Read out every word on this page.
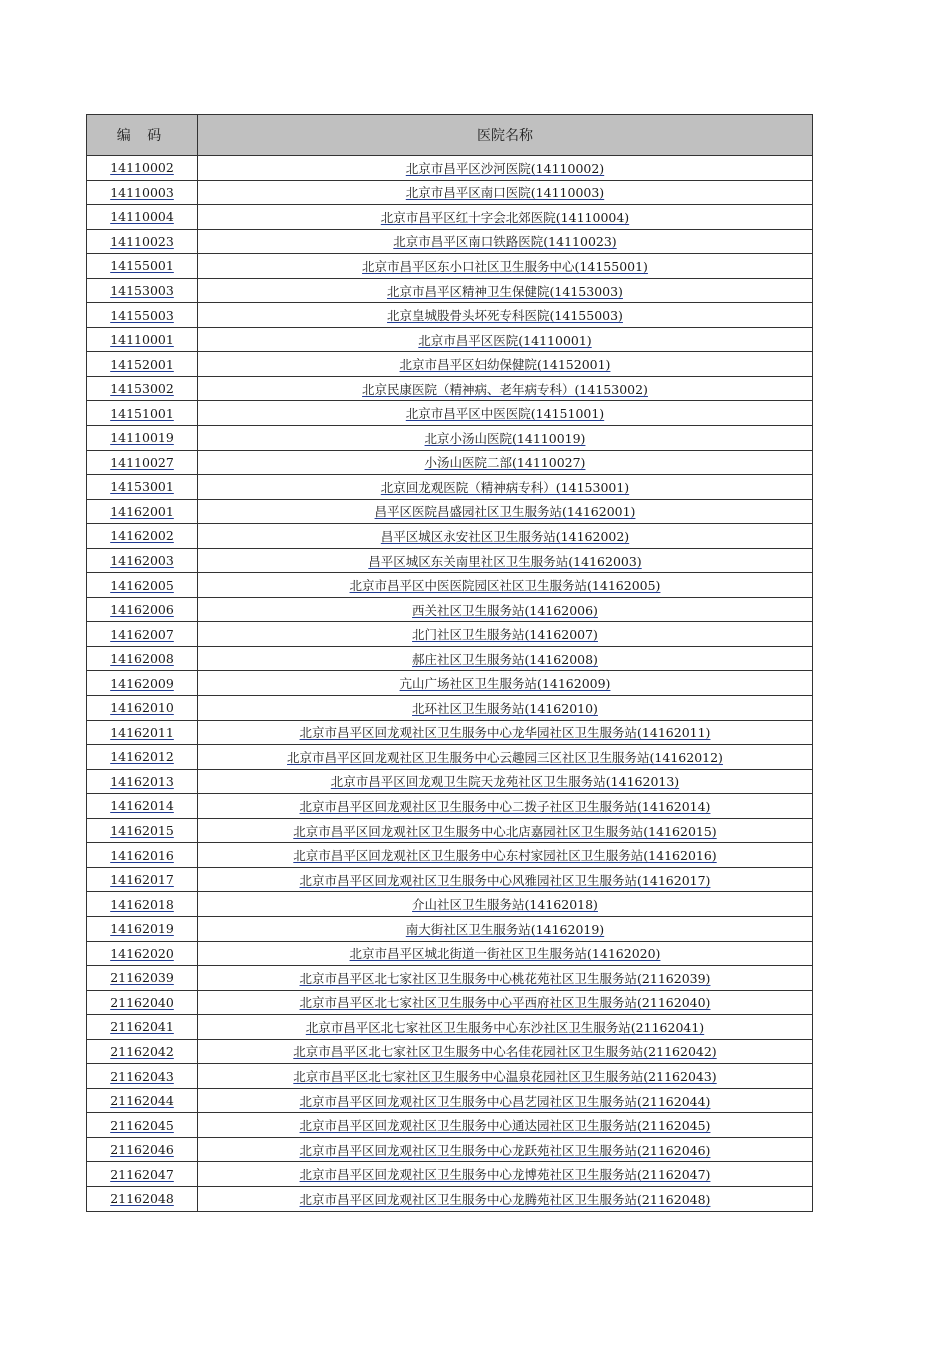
编 码	医院名称
14110002	北京市昌平区沙河医院(14110002)
14110003	北京市昌平区南口医院(14110003)
14110004	北京市昌平区红十字会北郊医院(14110004)
14110023	北京市昌平区南口铁路医院(14110023)
14155001	北京市昌平区东小口社区卫生服务中心(14155001)
14153003	北京市昌平区精神卫生保健院(14153003)
14155003	北京皇城股骨头坏死专科医院(14155003)
14110001	北京市昌平区医院(14110001)
14152001	北京市昌平区妇幼保健院(14152001)
14153002	北京民康医院（精神病、老年病专科）(14153002)
14151001	北京市昌平区中医医院(14151001)
14110019	北京小汤山医院(14110019)
14110027	小汤山医院二部(14110027)
14153001	北京回龙观医院（精神病专科）(14153001)
14162001	昌平区医院昌盛园社区卫生服务站(14162001)
14162002	昌平区城区永安社区卫生服务站(14162002)
14162003	昌平区城区东关南里社区卫生服务站(14162003)
14162005	北京市昌平区中医医院园区社区卫生服务站(14162005)
14162006	西关社区卫生服务站(14162006)
14162007	北门社区卫生服务站(14162007)
14162008	郝庄社区卫生服务站(14162008)
14162009	亢山广场社区卫生服务站(14162009)
14162010	北环社区卫生服务站(14162010)
14162011	北京市昌平区回龙观社区卫生服务中心龙华园社区卫生服务站(14162011)
14162012	北京市昌平区回龙观社区卫生服务中心云趣园三区社区卫生服务站(14162012)
14162013	北京市昌平区回龙观卫生院天龙苑社区卫生服务站(14162013)
14162014	北京市昌平区回龙观社区卫生服务中心二拨子社区卫生服务站(14162014)
14162015	北京市昌平区回龙观社区卫生服务中心北店嘉园社区卫生服务站(14162015)
14162016	北京市昌平区回龙观社区卫生服务中心东村家园社区卫生服务站(14162016)
14162017	北京市昌平区回龙观社区卫生服务中心风雅园社区卫生服务站(14162017)
14162018	介山社区卫生服务站(14162018)
14162019	南大街社区卫生服务站(14162019)
14162020	北京市昌平区城北街道一街社区卫生服务站(14162020)
21162039	北京市昌平区北七家社区卫生服务中心桃花苑社区卫生服务站(21162039)
21162040	北京市昌平区北七家社区卫生服务中心平西府社区卫生服务站(21162040)
21162041	北京市昌平区北七家社区卫生服务中心东沙社区卫生服务站(21162041)
21162042	北京市昌平区北七家社区卫生服务中心名佳花园社区卫生服务站(21162042)
21162043	北京市昌平区北七家社区卫生服务中心温泉花园社区卫生服务站(21162043)
21162044	北京市昌平区回龙观社区卫生服务中心昌艺园社区卫生服务站(21162044)
21162045	北京市昌平区回龙观社区卫生服务中心通达园社区卫生服务站(21162045)
21162046	北京市昌平区回龙观社区卫生服务中心龙跃苑社区卫生服务站(21162046)
21162047	北京市昌平区回龙观社区卫生服务中心龙博苑社区卫生服务站(21162047)
21162048	北京市昌平区回龙观社区卫生服务中心龙腾苑社区卫生服务站(21162048)
